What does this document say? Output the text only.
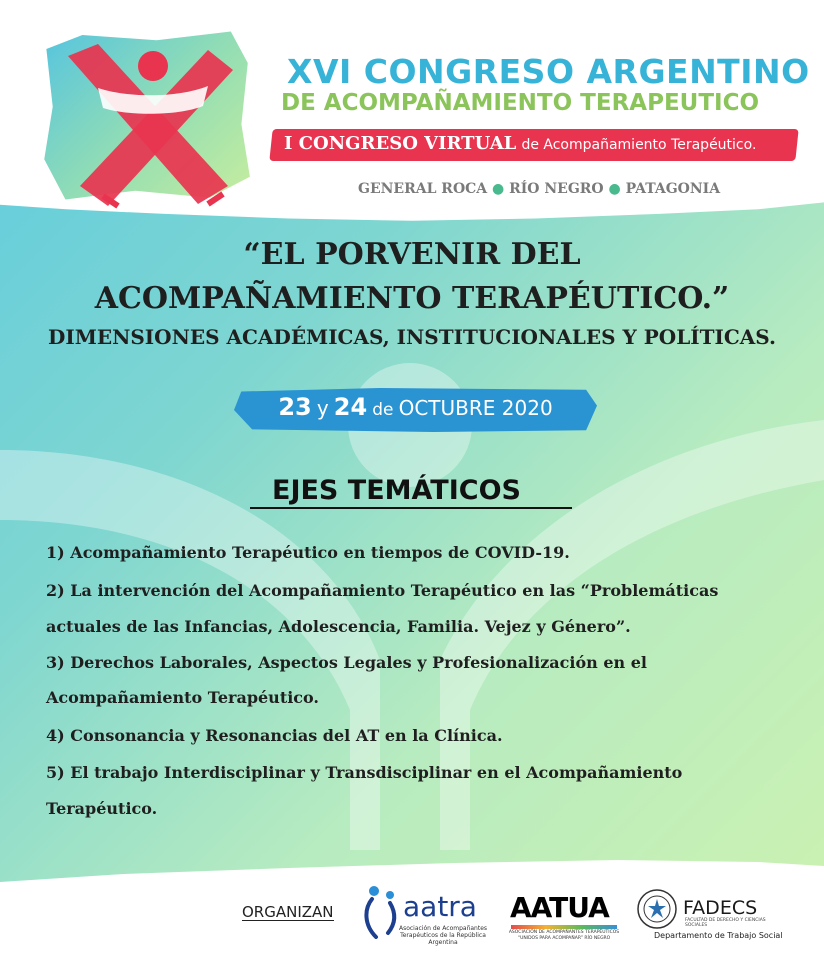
XVI CONGRESO ARGENTINO
DE ACOMPAÑAMIENTO TERAPEUTICO
I CONGRESO VIRTUAL de Acompañamiento Terapéutico.
GENERAL ROCA ● RÍO NEGRO ● PATAGONIA
“EL PORVENIR DEL
ACOMPAÑAMIENTO TERAPÉUTICO.”
DIMENSIONES ACADÉMICAS, INSTITUCIONALES Y POLÍTICAS.
23 y 24 de OCTUBRE 2020
EJES TEMÁTICOS
1) Acompañamiento Terapéutico en tiempos de COVID-19.
2) La intervención del Acompañamiento Terapéutico en las “Problemáticas
actuales de las Infancias, Adolescencia, Familia. Vejez y Género”.
3) Derechos Laborales, Aspectos Legales y Profesionalización en el
Acompañamiento Terapéutico.
4) Consonancia y Resonancias del AT en la Clínica.
5) El trabajo Interdisciplinar y Transdisciplinar en el Acompañamiento
Terapéutico.
ORGANIZAN aatra
Asociación de Acompañantes Terapéuticos de la República Argentina
AATUA
ASOCIACIÓN DE ACOMPAÑANTES TERAPÉUTICOS “UNIDOS PARA ACOMPAÑAR” RÍO NEGRO
FADECS
FACULTAD DE DERECHO Y CIENCIAS SOCIALES
Departamento de Trabajo Social
